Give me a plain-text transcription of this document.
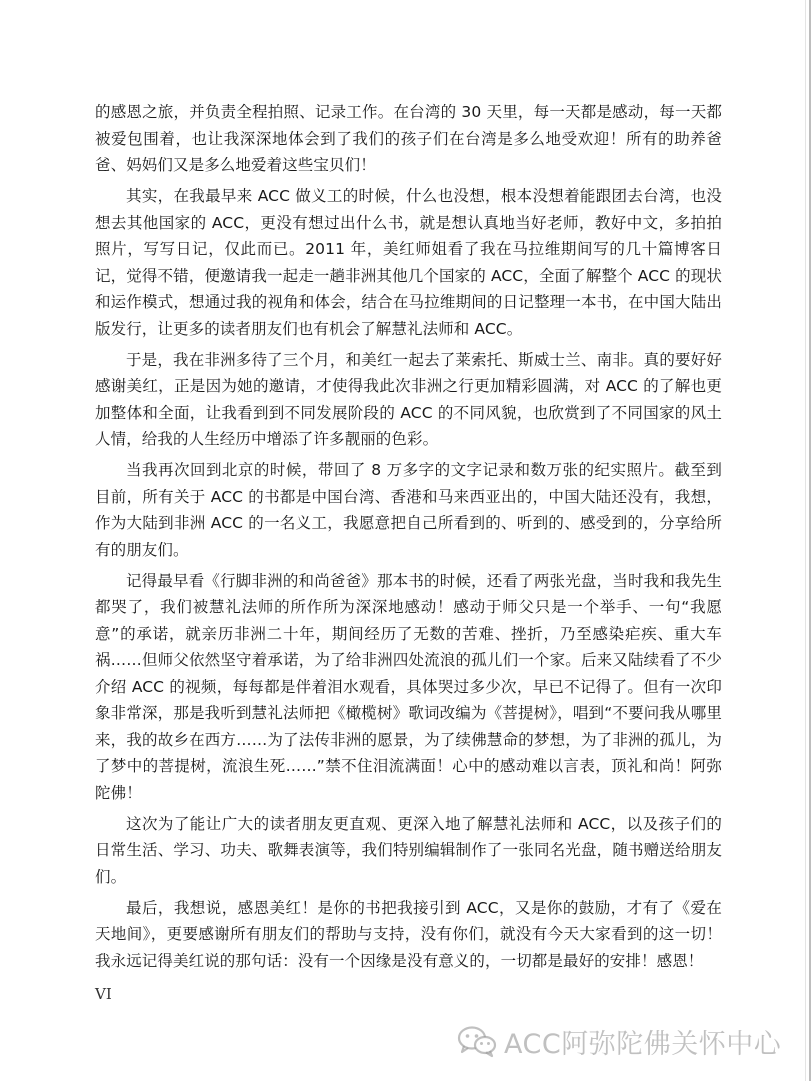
的感恩之旅，并负责全程拍照、记录工作。在台湾的 30 天里，每一天都是感动，每一天都被爱包围着，也让我深深地体会到了我们的孩子们在台湾是多么地受欢迎！所有的助养爸爸、妈妈们又是多么地爱着这些宝贝们！

其实，在我最早来 ACC 做义工的时候，什么也没想，根本没想着能跟团去台湾，也没想去其他国家的 ACC，更没有想过出什么书，就是想认真地当好老师，教好中文，多拍拍照片，写写日记，仅此而已。2011 年，美红师姐看了我在马拉维期间写的几十篇博客日记，觉得不错，便邀请我一起走一趟非洲其他几个国家的 ACC，全面了解整个 ACC 的现状和运作模式，想通过我的视角和体会，结合在马拉维期间的日记整理一本书，在中国大陆出版发行，让更多的读者朋友们也有机会了解慧礼法师和 ACC。

于是，我在非洲多待了三个月，和美红一起去了莱索托、斯威士兰、南非。真的要好好感谢美红，正是因为她的邀请，才使得我此次非洲之行更加精彩圆满，对 ACC 的了解也更加整体和全面，让我看到到不同发展阶段的 ACC 的不同风貌，也欣赏到了不同国家的风土人情，给我的人生经历中增添了许多靓丽的色彩。

当我再次回到北京的时候，带回了 8 万多字的文字记录和数万张的纪实照片。截至到目前，所有关于 ACC 的书都是中国台湾、香港和马来西亚出的，中国大陆还没有，我想，作为大陆到非洲 ACC 的一名义工，我愿意把自己所看到的、听到的、感受到的，分享给所有的朋友们。

记得最早看《行脚非洲的和尚爸爸》那本书的时候，还看了两张光盘，当时我和我先生都哭了，我们被慧礼法师的所作所为深深地感动！感动于师父只是一个举手、一句“我愿意”的承诺，就亲历非洲二十年，期间经历了无数的苦难、挫折，乃至感染疟疾、重大车祸……但师父依然坚守着承诺，为了给非洲四处流浪的孤儿们一个家。后来又陆续看了不少介绍 ACC 的视频，每每都是伴着泪水观看，具体哭过多少次，早已不记得了。但有一次印象非常深，那是我听到慧礼法师把《橄榄树》歌词改编为《菩提树》，唱到“不要问我从哪里来，我的故乡在西方……为了法传非洲的愿景，为了续佛慧命的梦想，为了非洲的孤儿，为了梦中的菩提树，流浪生死……”禁不住泪流满面！心中的感动难以言表，顶礼和尚！阿弥陀佛！

这次为了能让广大的读者朋友更直观、更深入地了解慧礼法师和 ACC，以及孩子们的日常生活、学习、功夫、歌舞表演等，我们特别编辑制作了一张同名光盘，随书赠送给朋友们。

最后，我想说，感恩美红！是你的书把我接引到 ACC，又是你的鼓励，才有了《爱在天地间》，更要感谢所有朋友们的帮助与支持，没有你们，就没有今天大家看到的这一切！ 我永远记得美红说的那句话：没有一个因缘是没有意义的，一切都是最好的安排！感恩！

VI
ACC阿弥陀佛关怀中心
